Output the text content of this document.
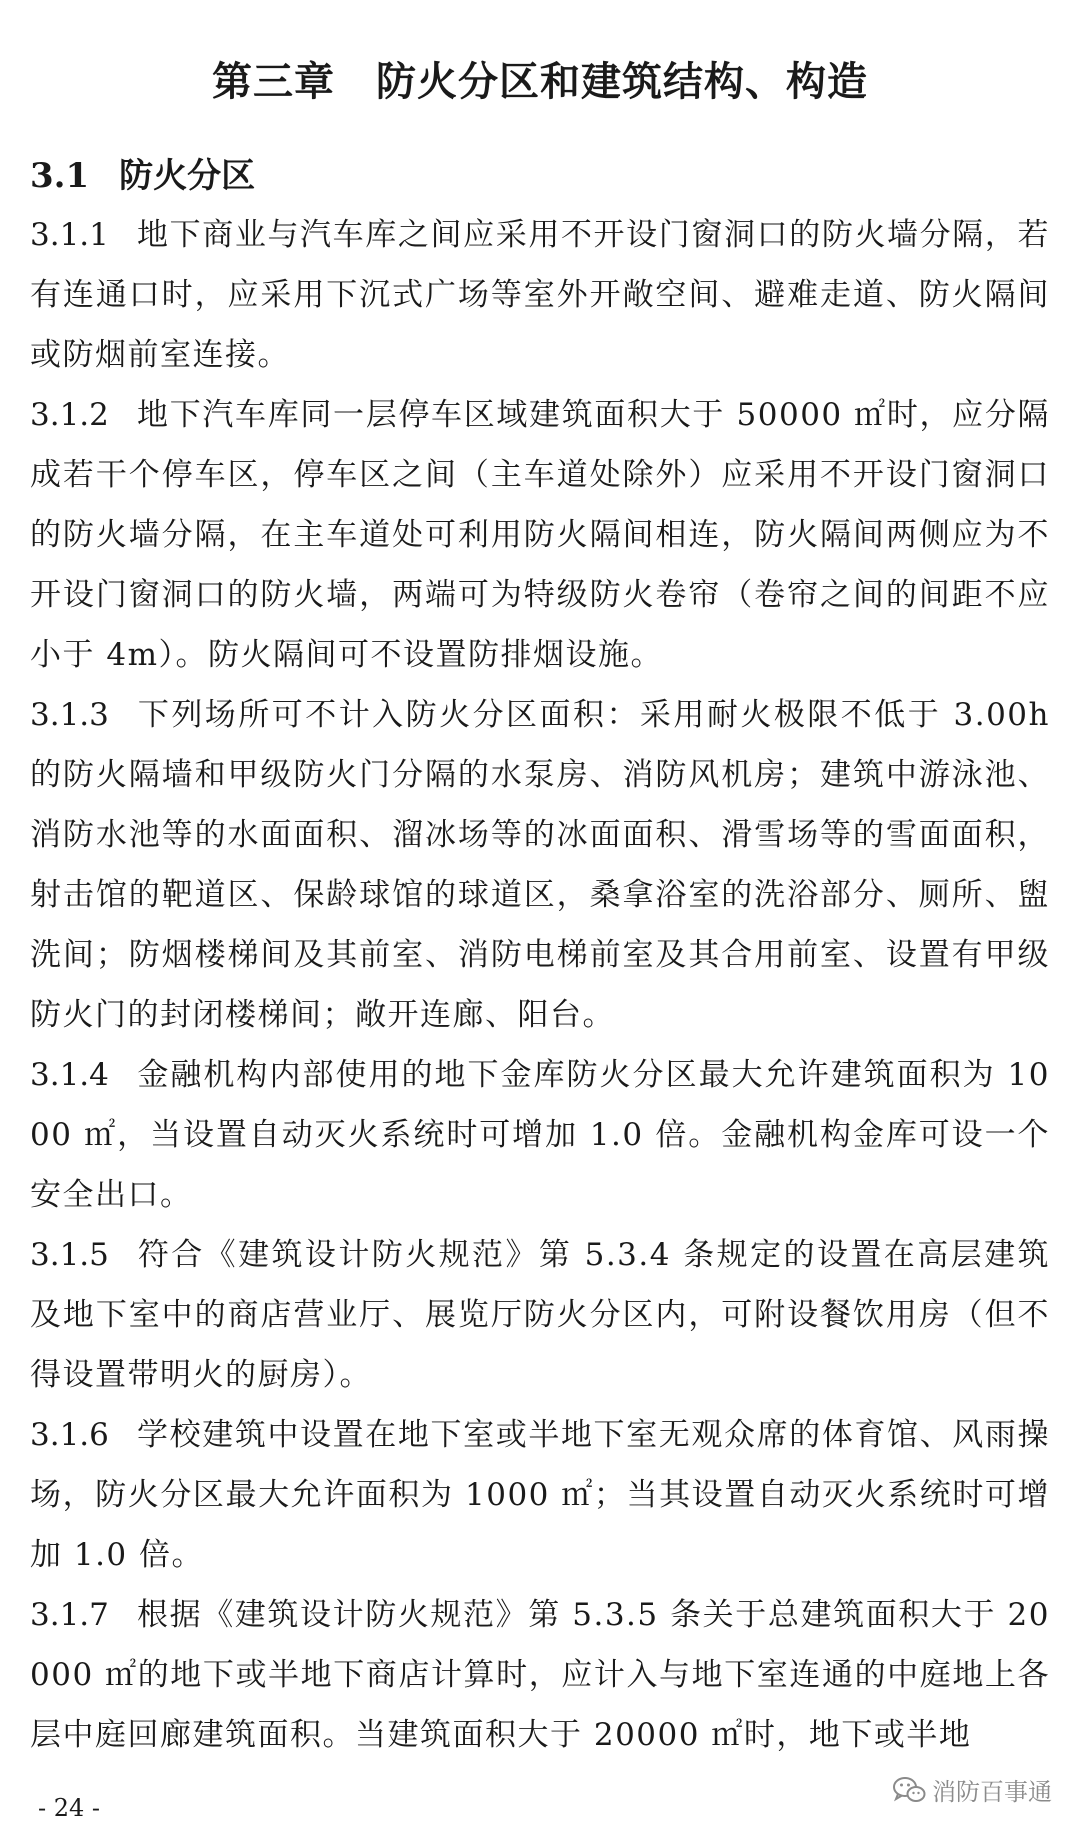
第三章　防火分区和建筑结构、构造
3.1 防火分区

3.1.1 地下商业与汽车库之间应采用不开设门窗洞口的防火墙分隔，若有连通口时，应采用下沉式广场等室外开敞空间、避难走道、防火隔间或防烟前室连接。

3.1.2 地下汽车库同一层停车区域建筑面积大于 50000 ㎡时，应分隔成若干个停车区，停车区之间（主车道处除外）应采用不开设门窗洞口的防火墙分隔，在主车道处可利用防火隔间相连，防火隔间两侧应为不开设门窗洞口的防火墙，两端可为特级防火卷帘（卷帘之间的间距不应小于 4m）。防火隔间可不设置防排烟设施。

3.1.3 下列场所可不计入防火分区面积：采用耐火极限不低于 3.00h 的防火隔墙和甲级防火门分隔的水泵房、消防风机房；建筑中游泳池、消防水池等的水面面积、溜冰场等的冰面面积、滑雪场等的雪面面积，射击馆的靶道区、保龄球馆的球道区，桑拿浴室的洗浴部分、厕所、盥洗间；防烟楼梯间及其前室、消防电梯前室及其合用前室、设置有甲级防火门的封闭楼梯间；敞开连廊、阳台。

3.1.4 金融机构内部使用的地下金库防火分区最大允许建筑面积为 1000 ㎡，当设置自动灭火系统时可增加 1.0 倍。金融机构金库可设一个安全出口。

3.1.5 符合《建筑设计防火规范》第 5.3.4 条规定的设置在高层建筑及地下室中的商店营业厅、展览厅防火分区内，可附设餐饮用房（但不得设置带明火的厨房）。

3.1.6 学校建筑中设置在地下室或半地下室无观众席的体育馆、风雨操场，防火分区最大允许面积为 1000 ㎡；当其设置自动灭火系统时可增加 1.0 倍。

3.1.7 根据《建筑设计防火规范》第 5.3.5 条关于总建筑面积大于 20000 ㎡的地下或半地下商店计算时，应计入与地下室连通的中庭地上各层中庭回廊建筑面积。当建筑面积大于 20000 ㎡时，地下或半地

消防百事通
- 24 -
